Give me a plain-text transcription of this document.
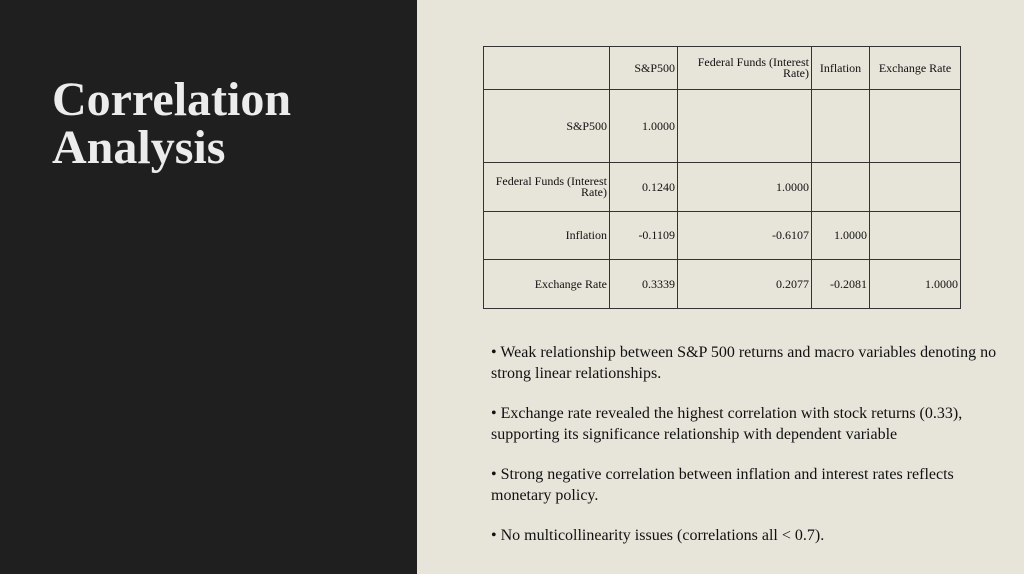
Correlation
Analysis
	S&P500	Federal Funds (Interest Rate)	Inflation	Exchange Rate
S&P500	1.0000			
Federal Funds (Interest Rate)	0.1240	1.0000		
Inflation	-0.1109	-0.6107	1.0000	
Exchange Rate	0.3339	0.2077	-0.2081	1.0000
• Weak relationship between S&P 500 returns and macro variables denoting no strong linear relationships.
• Exchange rate revealed the highest correlation with stock returns (0.33), supporting its significance relationship with dependent variable
• Strong negative correlation between inflation and interest rates reflects monetary policy.
• No multicollinearity issues (correlations all < 0.7).
